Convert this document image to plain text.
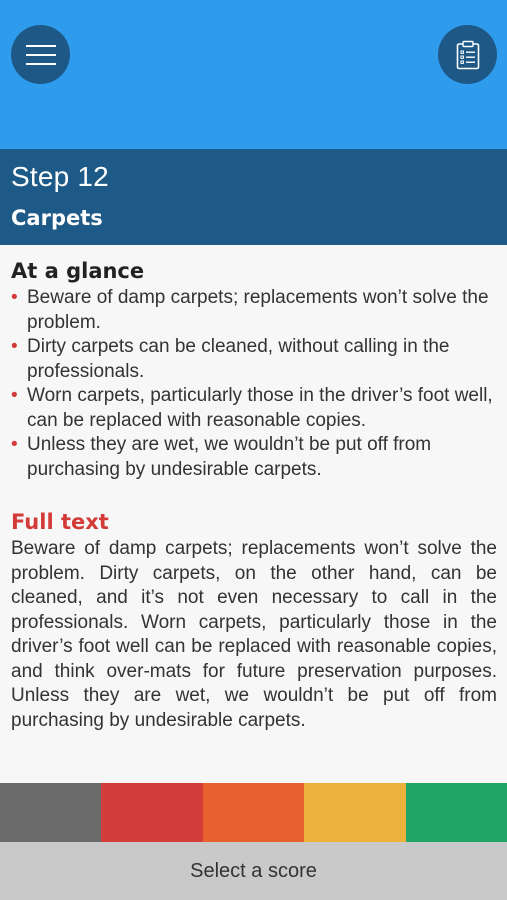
Step 12
Carpets
At a glance
• Beware of damp carpets; replacements won’t solve the problem.
• Dirty carpets can be cleaned, without calling in the professionals.
• Worn carpets, particularly those in the driver’s foot well, can be replaced with reasonable copies.
• Unless they are wet, we wouldn’t be put off from purchasing by undesirable carpets.
Full text

Beware of damp carpets; replacements won’t solve the problem. Dirty carpets, on the other hand, can be cleaned, and it’s not even necessary to call in the professionals. Worn carpets, particularly those in the driver’s foot well can be replaced with reasonable copies, and think over-mats for future preservation purposes. Unless they are wet, we wouldn’t be put off from purchasing by undesirable carpets.

Select a score
